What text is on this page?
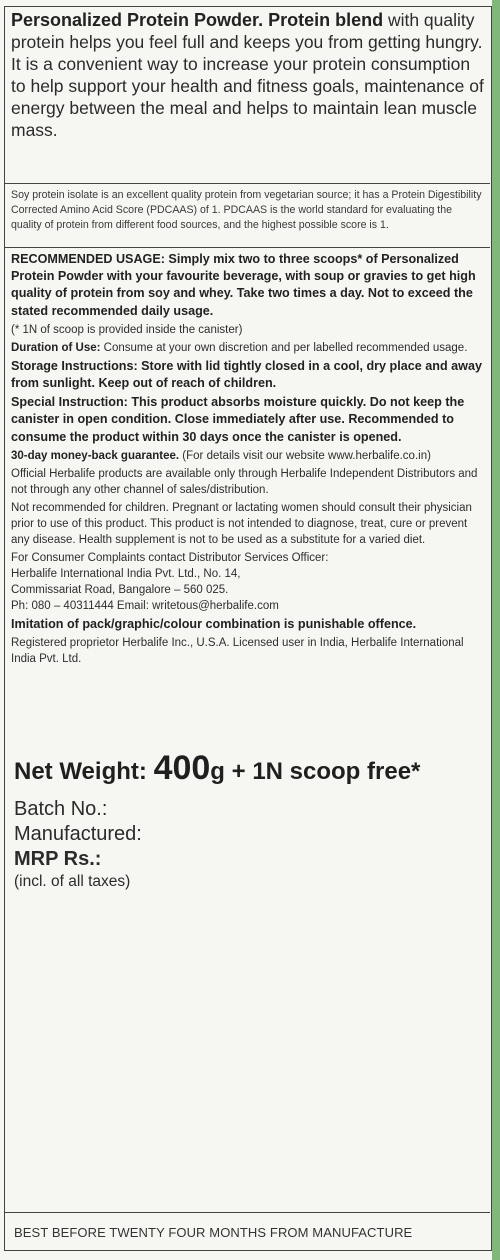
Personalized Protein Powder. Protein blend with quality protein helps you feel full and keeps you from getting hungry. It is a convenient way to increase your protein consumption to help support your health and fitness goals, maintenance of energy between the meal and helps to maintain lean muscle mass.
Soy protein isolate is an excellent quality protein from vegetarian source; it has a Protein Digestibility Corrected Amino Acid Score (PDCAAS) of 1. PDCAAS is the world standard for evaluating the quality of protein from different food sources, and the highest possible score is 1.

RECOMMENDED USAGE: Simply mix two to three scoops* of Personalized Protein Powder with your favourite beverage, with soup or gravies to get high quality of protein from soy and whey. Take two times a day. Not to exceed the stated recommended daily usage.

(* 1N of scoop is provided inside the canister)

Duration of Use: Consume at your own discretion and per labelled recommended usage.

Storage Instructions: Store with lid tightly closed in a cool, dry place and away from sunlight. Keep out of reach of children.

Special Instruction: This product absorbs moisture quickly. Do not keep the canister in open condition. Close immediately after use. Recommended to consume the product within 30 days once the canister is opened.

30-day money-back guarantee. (For details visit our website www.herbalife.co.in)

Official Herbalife products are available only through Herbalife Independent Distributors and not through any other channel of sales/distribution.

Not recommended for children. Pregnant or lactating women should consult their physician prior to use of this product. This product is not intended to diagnose, treat, cure or prevent any disease. Health supplement is not to be used as a substitute for a varied diet.

For Consumer Complaints contact Distributor Services Officer:

Herbalife International India Pvt. Ltd., No. 14,

Commissariat Road, Bangalore – 560 025.

Ph: 080 – 40311444 Email: writetous@herbalife.com

Imitation of pack/graphic/colour combination is punishable offence.

Registered proprietor Herbalife Inc., U.S.A. Licensed user in India, Herbalife International India Pvt. Ltd.

Net Weight: 400g + 1N scoop free*
Batch No.:
Manufactured:
MRP Rs.:
(incl. of all taxes)
BEST BEFORE TWENTY FOUR MONTHS FROM MANUFACTURE
